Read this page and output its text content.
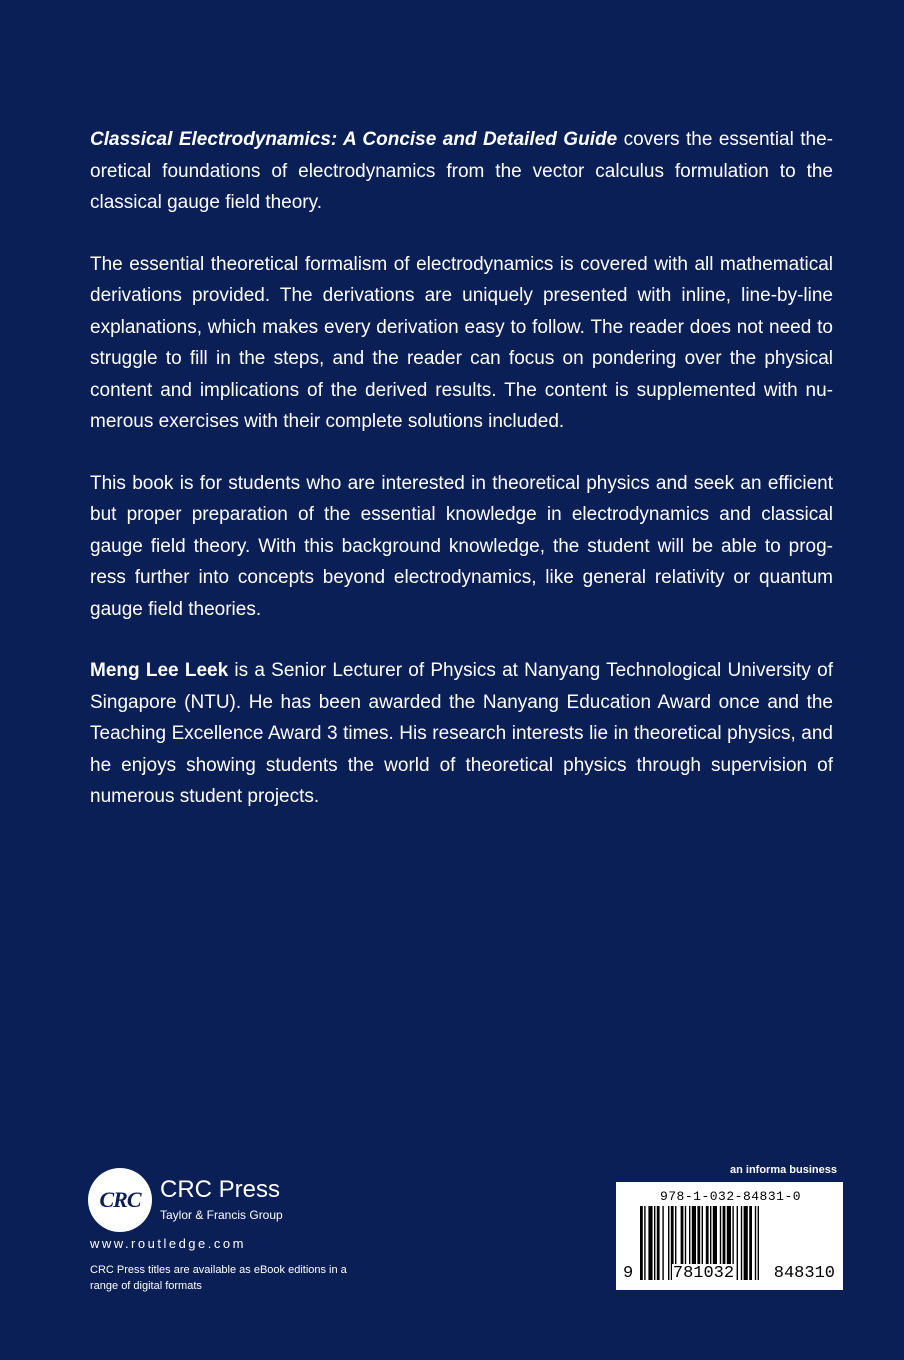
Classical Electrodynamics: A Concise and Detailed Guide covers the essential the-oretical foundations of electrodynamics from the vector calculus formulation to the classical gauge field theory.

The essential theoretical formalism of electrodynamics is covered with all mathematical derivations provided. The derivations are uniquely presented with inline, line-by-line explanations, which makes every derivation easy to follow. The reader does not need to struggle to fill in the steps, and the reader can focus on pondering over the physical content and implications of the derived results. The content is supplemented with nu-merous exercises with their complete solutions included.

This book is for students who are interested in theoretical physics and seek an efficient but proper preparation of the essential knowledge in electrodynamics and classical gauge field theory. With this background knowledge, the student will be able to prog-ress further into concepts beyond electrodynamics, like general relativity or quantum gauge field theories.

Meng Lee Leek is a Senior Lecturer of Physics at Nanyang Technological University of Singapore (NTU). He has been awarded the Nanyang Education Award once and the Teaching Excellence Award 3 times. His research interests lie in theoretical physics, and he enjoys showing students the world of theoretical physics through supervision of numerous student projects.

CRC CRC Press
Taylor & Francis Group
www.routledge.com
CRC Press titles are available as eBook editions in a range of digital formats
an informa business
978-1-032-84831-0
9 781032 848310
